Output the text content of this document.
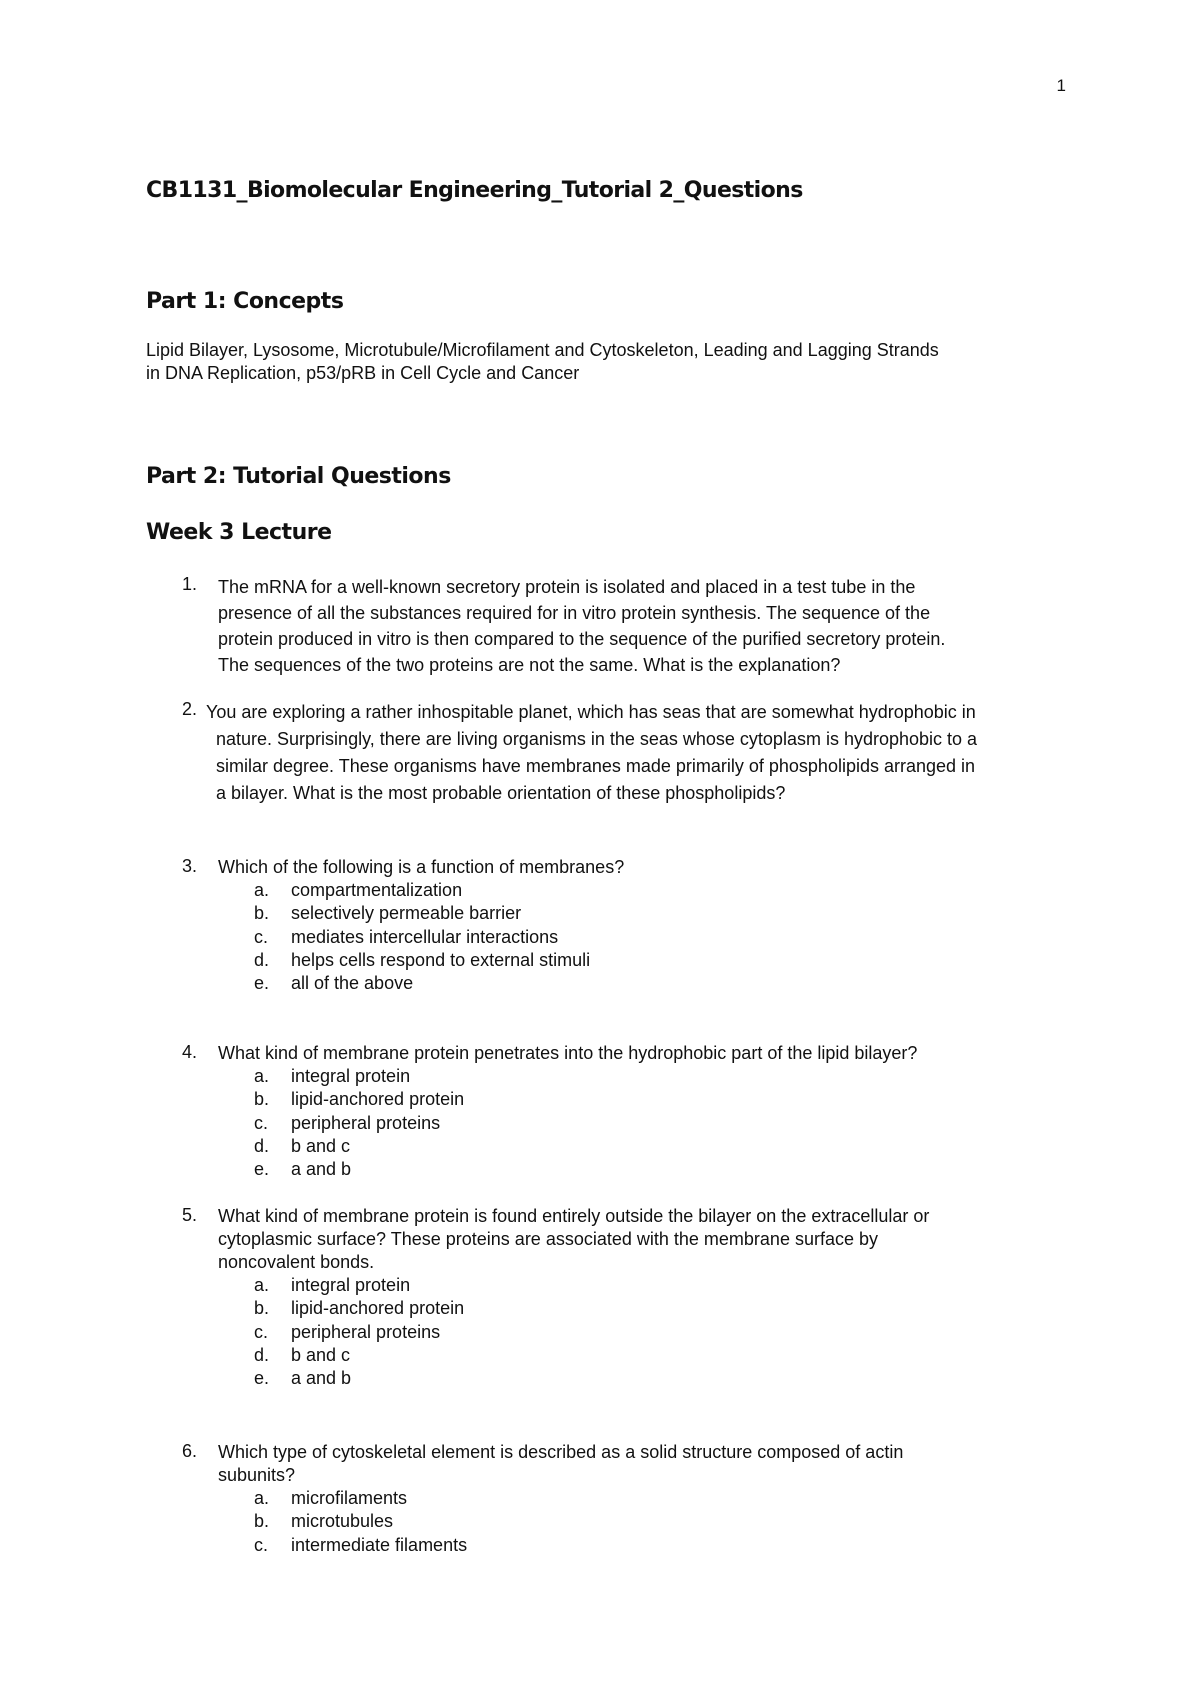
1
CB1131_Biomolecular Engineering_Tutorial 2_Questions
Part 1: Concepts

Lipid Bilayer, Lysosome, Microtubule/Microfilament and Cytoskeleton, Leading and Lagging Strands
in DNA Replication, p53/pRB in Cell Cycle and Cancer

Part 2: Tutorial Questions
Week 3 Lecture
1. The mRNA for a well-known secretory protein is isolated and placed in a test tube in the
presence of all the substances required for in vitro protein synthesis. The sequence of the
protein produced in vitro is then compared to the sequence of the purified secretory protein.
The sequences of the two proteins are not the same. What is the explanation?
2. You are exploring a rather inhospitable planet, which has seas that are somewhat hydrophobic in
nature. Surprisingly, there are living organisms in the seas whose cytoplasm is hydrophobic to a
similar degree. These organisms have membranes made primarily of phospholipids arranged in
a bilayer. What is the most probable orientation of these phospholipids?
3. Which of the following is a function of membranes?
a. compartmentalization
b. selectively permeable barrier
c. mediates intercellular interactions
d. helps cells respond to external stimuli
e. all of the above
4. What kind of membrane protein penetrates into the hydrophobic part of the lipid bilayer?
a. integral protein
b. lipid-anchored protein
c. peripheral proteins
d. b and c
e. a and b
5. What kind of membrane protein is found entirely outside the bilayer on the extracellular or
cytoplasmic surface? These proteins are associated with the membrane surface by
noncovalent bonds.
a. integral protein
b. lipid-anchored protein
c. peripheral proteins
d. b and c
e. a and b
6. Which type of cytoskeletal element is described as a solid structure composed of actin
subunits?
a. microfilaments
b. microtubules
c. intermediate filaments
